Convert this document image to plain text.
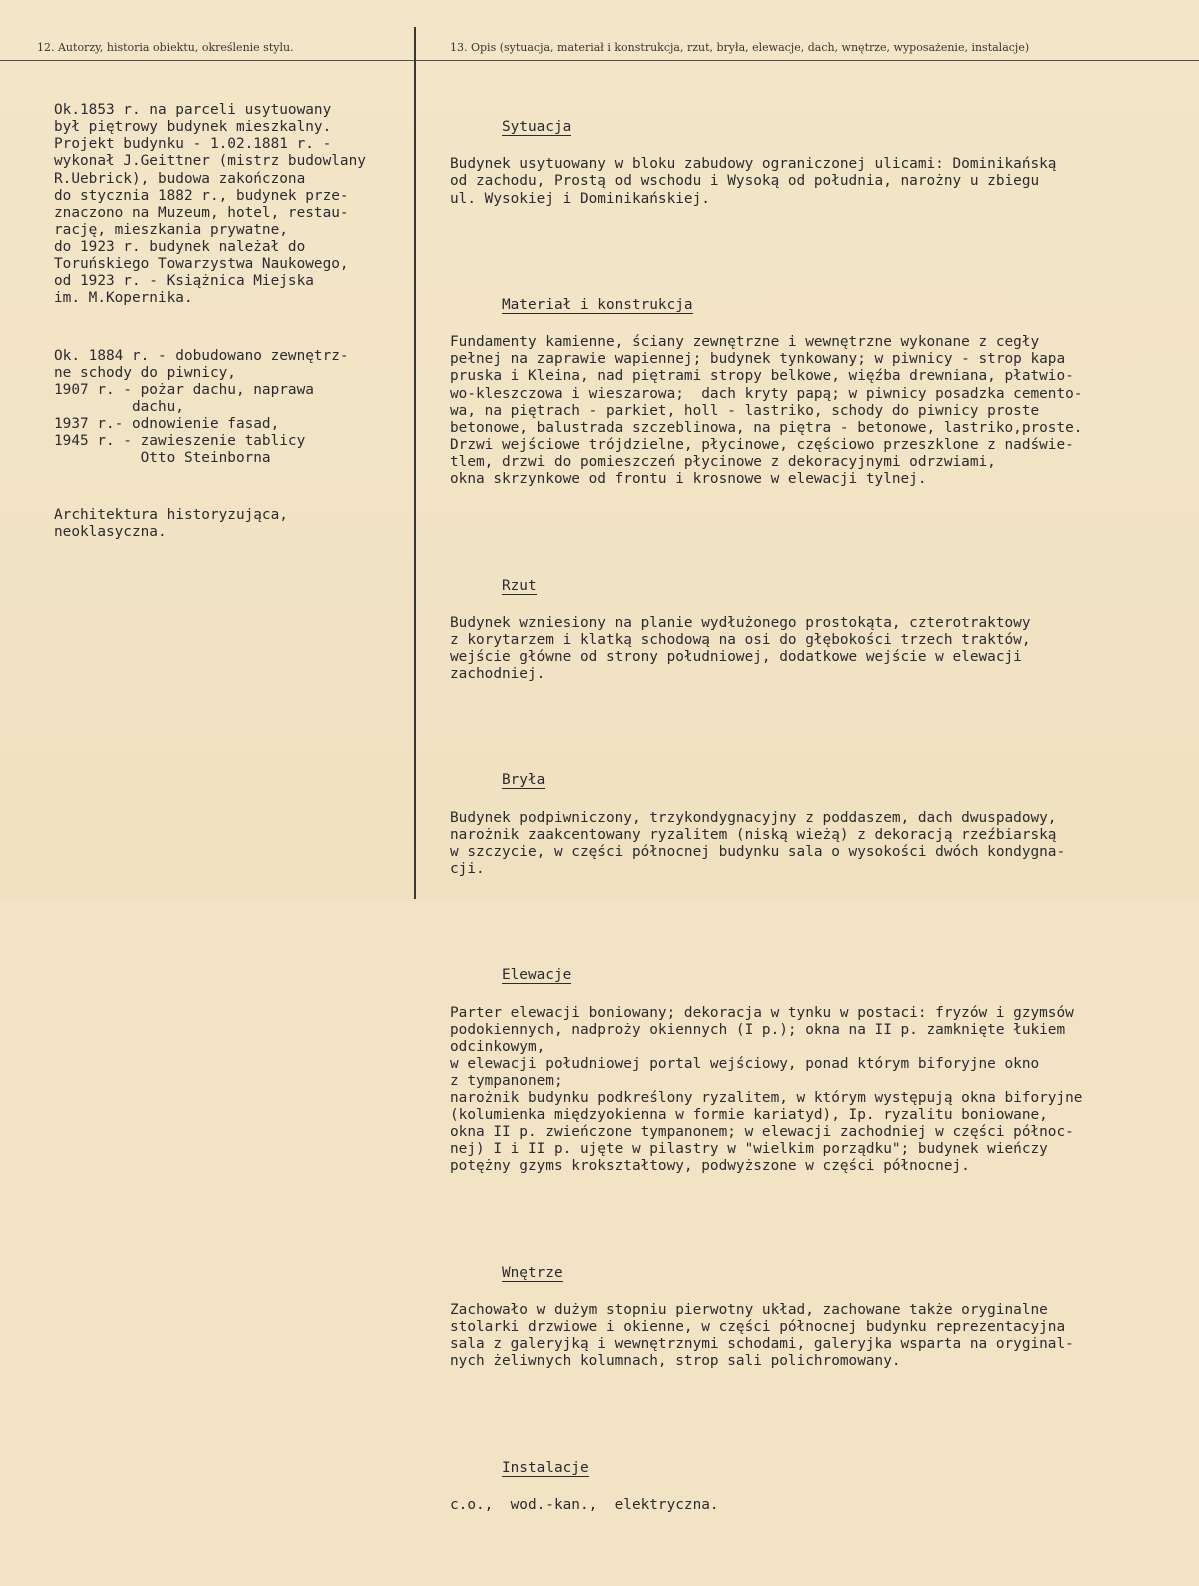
12. Autorzy, historia obiektu, określenie stylu.	13. Opis (sytuacja, materiał i konstrukcja, rzut, bryła, elewacje, dach, wnętrze, wyposażenie, instalacje)

Ok.1853 r. na parceli usytuowany
był piętrowy budynek mieszkalny.
Projekt budynku - 1.02.1881 r. -
wykonał J.Geittner (mistrz budowlany
R.Uebrick), budowa zakończona
do stycznia 1882 r., budynek prze-
znaczono na Muzeum, hotel, restau-
rację, mieszkania prywatne,
do 1923 r. budynek należał do
Toruńskiego Towarzystwa Naukowego,
od 1923 r. - Książnica Miejska
im. M.Kopernika.

Ok. 1884 r. - dobudowano zewnętrz-
ne schody do piwnicy,
1907 r. - pożar dachu, naprawa
dachu,
1937 r.- odnowienie fasad,
1945 r. - zawieszenie tablicy
Otto Steinborna

Architektura historyzująca,
neoklasyczna.

Sytuacja

Budynek usytuowany w bloku zabudowy ograniczonej ulicami: Dominikańską
od zachodu, Prostą od wschodu i Wysoką od południa, narożny u zbiegu
ul. Wysokiej i Dominikańskiej.

Materiał i konstrukcja

Fundamenty kamienne, ściany zewnętrzne i wewnętrzne wykonane z cegły
pełnej na zaprawie wapiennej; budynek tynkowany; w piwnicy - strop kapa
pruska i Kleina, nad piętrami stropy belkowe, więźba drewniana, płatwio-
wo-kleszczowa i wieszarowa;  dach kryty papą; w piwnicy posadzka cemento-
wa, na piętrach - parkiet, holl - lastriko, schody do piwnicy proste
betonowe, balustrada szczeblinowa, na piętra - betonowe, lastriko,proste.
Drzwi wejściowe trójdzielne, płycinowe, częściowo przeszklone z nadświe-
tlem, drzwi do pomieszczeń płycinowe z dekoracyjnymi odrzwiami,
okna skrzynkowe od frontu i krosnowe w elewacji tylnej.

Rzut

Budynek wzniesiony na planie wydłużonego prostokąta, czterotraktowy
z korytarzem i klatką schodową na osi do głębokości trzech traktów,
wejście główne od strony południowej, dodatkowe wejście w elewacji
zachodniej.

Bryła

Budynek podpiwniczony, trzykondygnacyjny z poddaszem, dach dwuspadowy,
narożnik zaakcentowany ryzalitem (niską wieżą) z dekoracją rzeźbiarską
w szczycie, w części północnej budynku sala o wysokości dwóch kondygna-
cji.

Elewacje

Parter elewacji boniowany; dekoracja w tynku w postaci: fryzów i gzymsów
podokiennych, nadproży okiennych (I p.); okna na II p. zamknięte łukiem
odcinkowym,
w elewacji południowej portal wejściowy, ponad którym biforyjne okno
z tympanonem;
narożnik budynku podkreślony ryzalitem, w którym występują okna biforyjne
(kolumienka międzyokienna w formie kariatyd), Ip. ryzalitu boniowane,
okna II p. zwieńczone tympanonem; w elewacji zachodniej w części północ-
nej) I i II p. ujęte w pilastry w "wielkim porządku"; budynek wieńczy
potężny gzyms krokształtowy, podwyższone w części północnej.

Wnętrze

Zachowało w dużym stopniu pierwotny układ, zachowane także oryginalne
stolarki drzwiowe i okienne, w części północnej budynku reprezentacyjna
sala z galeryjką i wewnętrznymi schodami, galeryjka wsparta na oryginal-
nych żeliwnych kolumnach, strop sali polichromowany.

Instalacje

c.o.,  wod.-kan.,  elektryczna.
